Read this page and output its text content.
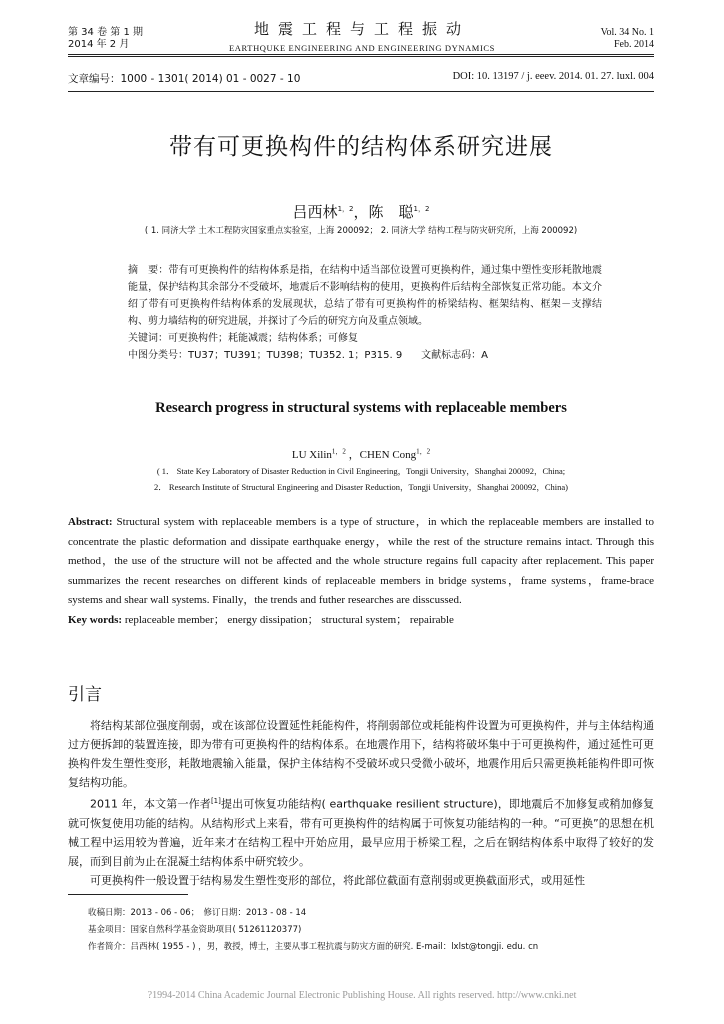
第 34 卷 第 1 期
2014 年 2 月
地震工程与工程振动
EARTHQUKE ENGINEERING AND ENGINEERING DYNAMICS
Vol. 34 No. 1
Feb. 2014
文章编号：1000 - 1301( 2014) 01 - 0027 - 10	DOI: 10. 13197 / j. eeev. 2014. 01. 27. luxl. 004
带有可更换构件的结构体系研究进展
吕西林$^{1,2}$，陈　聪$^{1,2}$
( 1. 同济大学 土木工程防灾国家重点实验室，上海 200092； 2. 同济大学 结构工程与防灾研究所，上海 200092)

摘　要：带有可更换构件的结构体系是指，在结构中适当部位设置可更换构件，通过集中塑性变形耗散地震能量，保护结构其余部分不受破坏，地震后不影响结构的使用，更换构件后结构全部恢复正常功能。本文介绍了带有可更换构件结构体系的发展现状，总结了带有可更换构件的桥梁结构、框架结构、框架－支撑结构、剪力墙结构的研究进展，并探讨了今后的研究方向及重点领域。

关键词：可更换构件；耗能减震；结构体系；可修复

中图分类号：TU37；TU391；TU398；TU352. 1；P315. 9 文献标志码：A
Research progress in structural systems with replaceable members
LU Xilin$^{1,2}$ ，CHEN Cong$^{1,2}$
( 1． State Key Laboratory of Disaster Reduction in Civil Engineering，Tongji University，Shanghai 200092，China;
2． Research Institute of Structural Engineering and Disaster Reduction，Tongji University，Shanghai 200092，China)

Abstract: Structural system with replaceable members is a type of structure，in which the replaceable members are installed to concentrate the plastic deformation and dissipate earthquake energy，while the rest of the structure remains intact. Through this method，the use of the structure will not be affected and the whole structure regains full capacity after replacement. This paper summarizes the recent researches on different kinds of replaceable members in bridge systems，frame systems，frame-brace systems and shear wall systems. Finally，the trends and futher researches are disscussed.

Key words: replaceable member； energy dissipation； structural system； repairable

引言

将结构某部位强度削弱，或在该部位设置延性耗能构件，将削弱部位或耗能构件设置为可更换构件，并与主体结构通过方便拆卸的装置连接，即为带有可更换构件的结构体系。在地震作用下，结构将破坏集中于可更换构件，通过延性可更换构件发生塑性变形，耗散地震输入能量，保护主体结构不受破坏或只受微小破坏，地震作用后只需更换耗能构件即可恢复结构功能。

2011 年，本文第一作者[1]提出可恢复功能结构( earthquake resilient structure)，即地震后不加修复或稍加修复就可恢复使用功能的结构。从结构形式上来看，带有可更换构件的结构属于可恢复功能结构的一种。“可更换”的思想在机械工程中运用较为普遍，近年来才在结构工程中开始应用，最早应用于桥梁工程，之后在钢结构体系中取得了较好的发展，而到目前为止在混凝土结构体系中研究较少。

可更换构件一般设置于结构易发生塑性变形的部位，将此部位截面有意削弱或更换截面形式，或用延性

收稿日期：2013 - 06 - 06；　修订日期：2013 - 08 - 14

基金项目：国家自然科学基金资助项目( 51261120377)

作者简介：吕西林( 1955 - ) ，男，教授，博士，主要从事工程抗震与防灾方面的研究. E-mail：lxlst@tongji. edu. cn

?1994-2014 China Academic Journal Electronic Publishing House. All rights reserved. http://www.cnki.net
